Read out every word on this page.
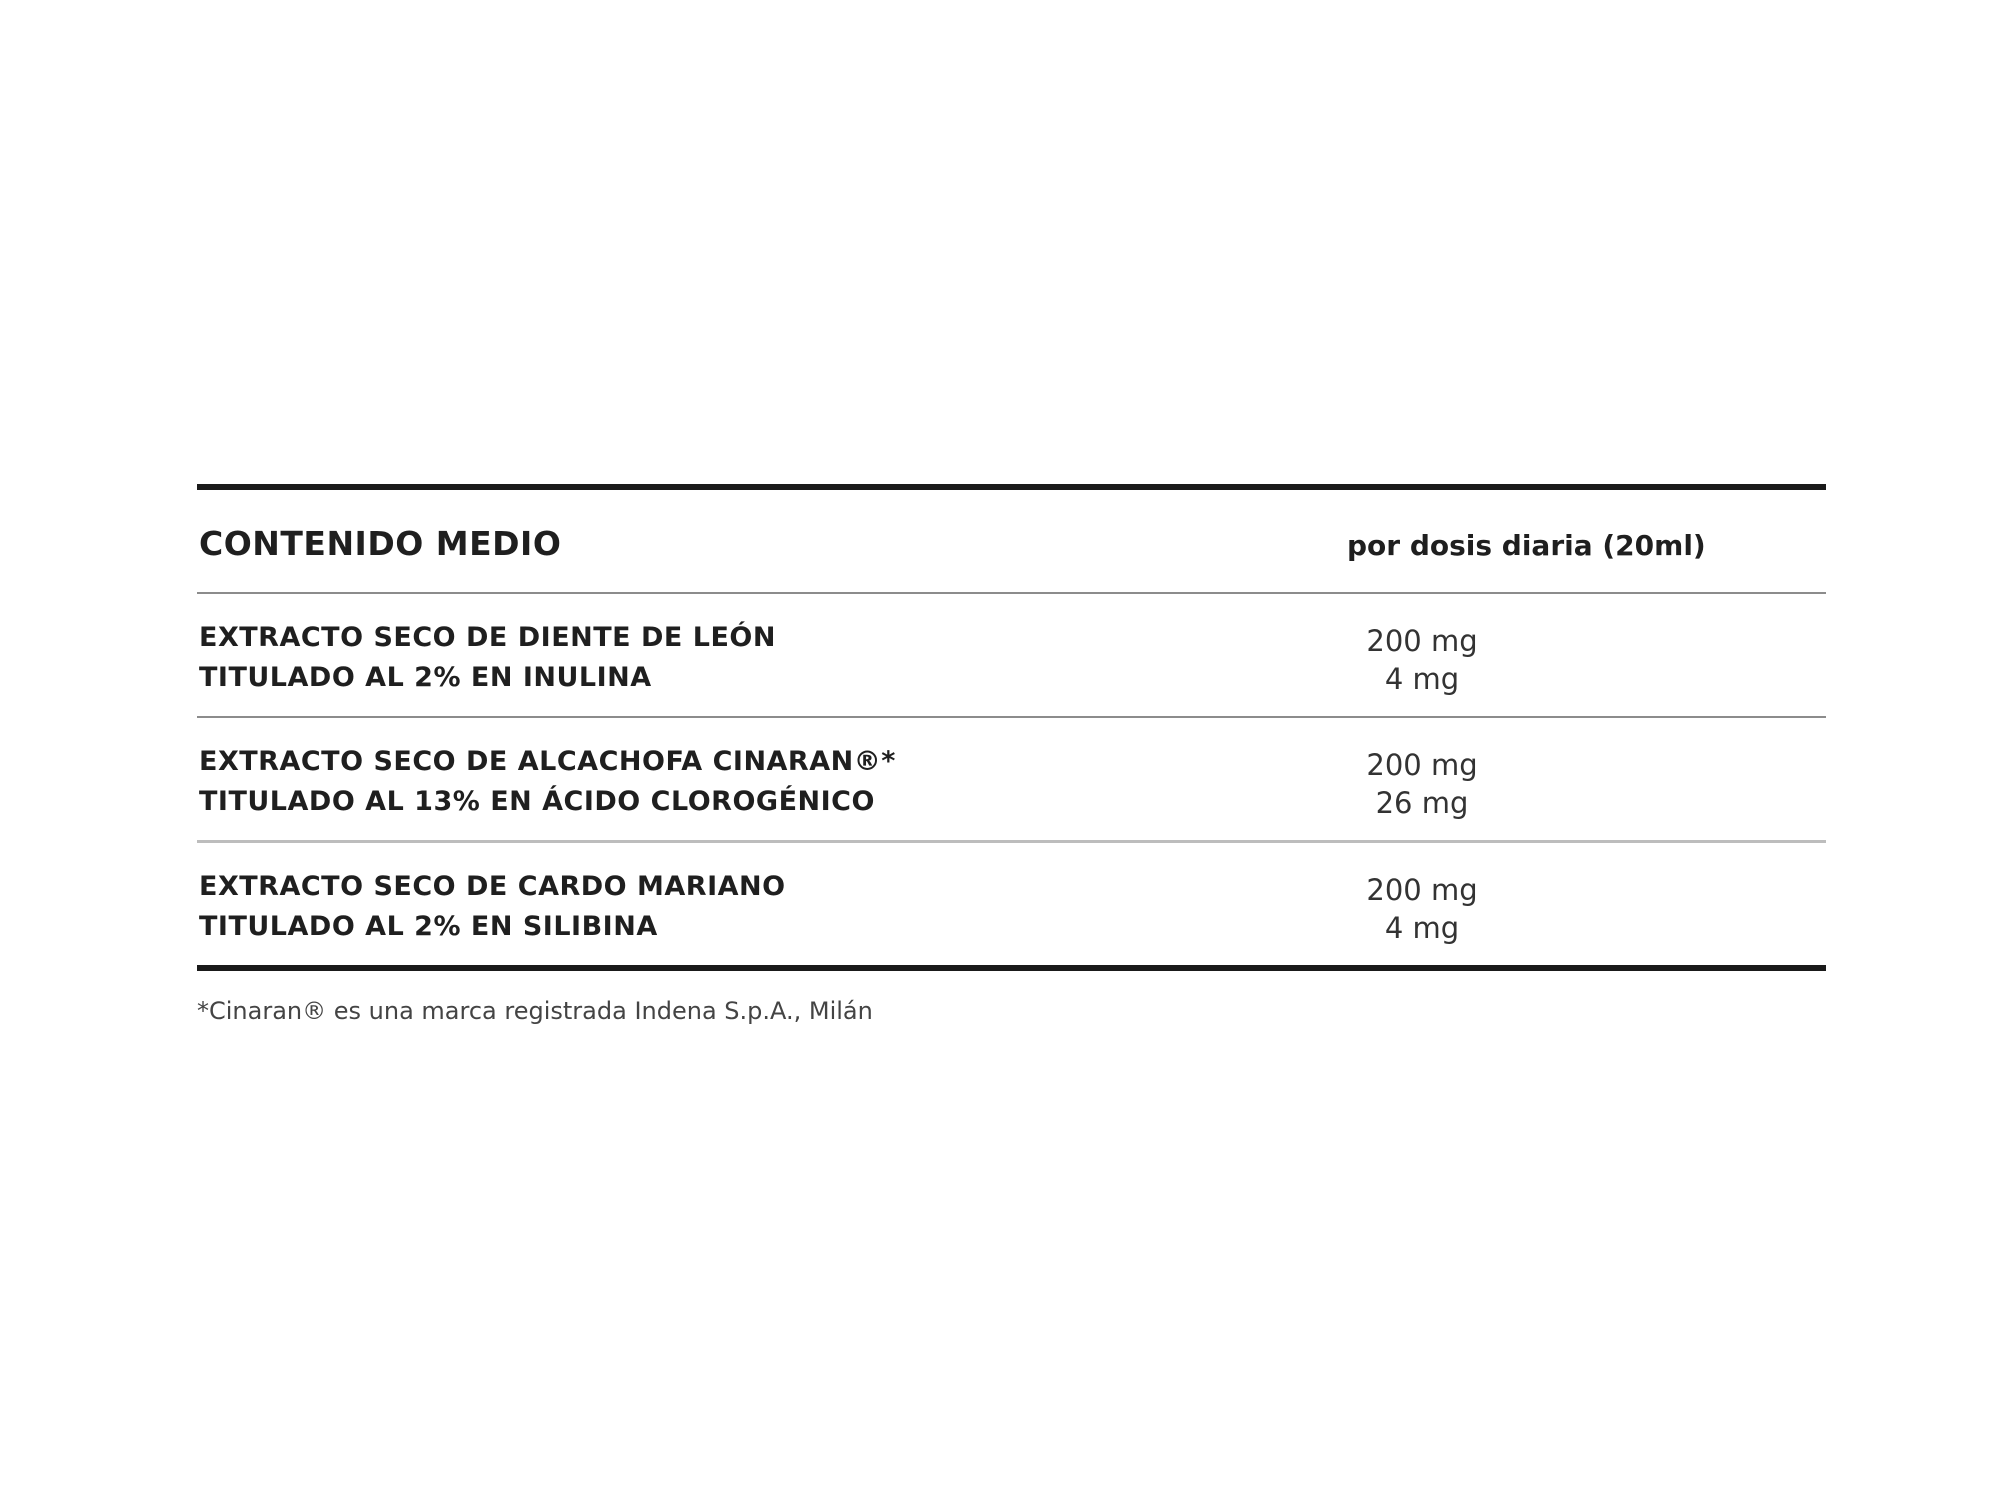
CONTENIDO MEDIO	por dosis diaria (20ml)
EXTRACTO SECO DE DIENTE DE LEÓN
TITULADO AL 2% EN INULINA
200 mg
4 mg
EXTRACTO SECO DE ALCACHOFA CINARAN®*
TITULADO AL 13% EN ÁCIDO CLOROGÉNICO
200 mg
26 mg
EXTRACTO SECO DE CARDO MARIANO
TITULADO AL 2% EN SILIBINA
200 mg
4 mg
*Cinaran® es una marca registrada Indena S.p.A., Milán
